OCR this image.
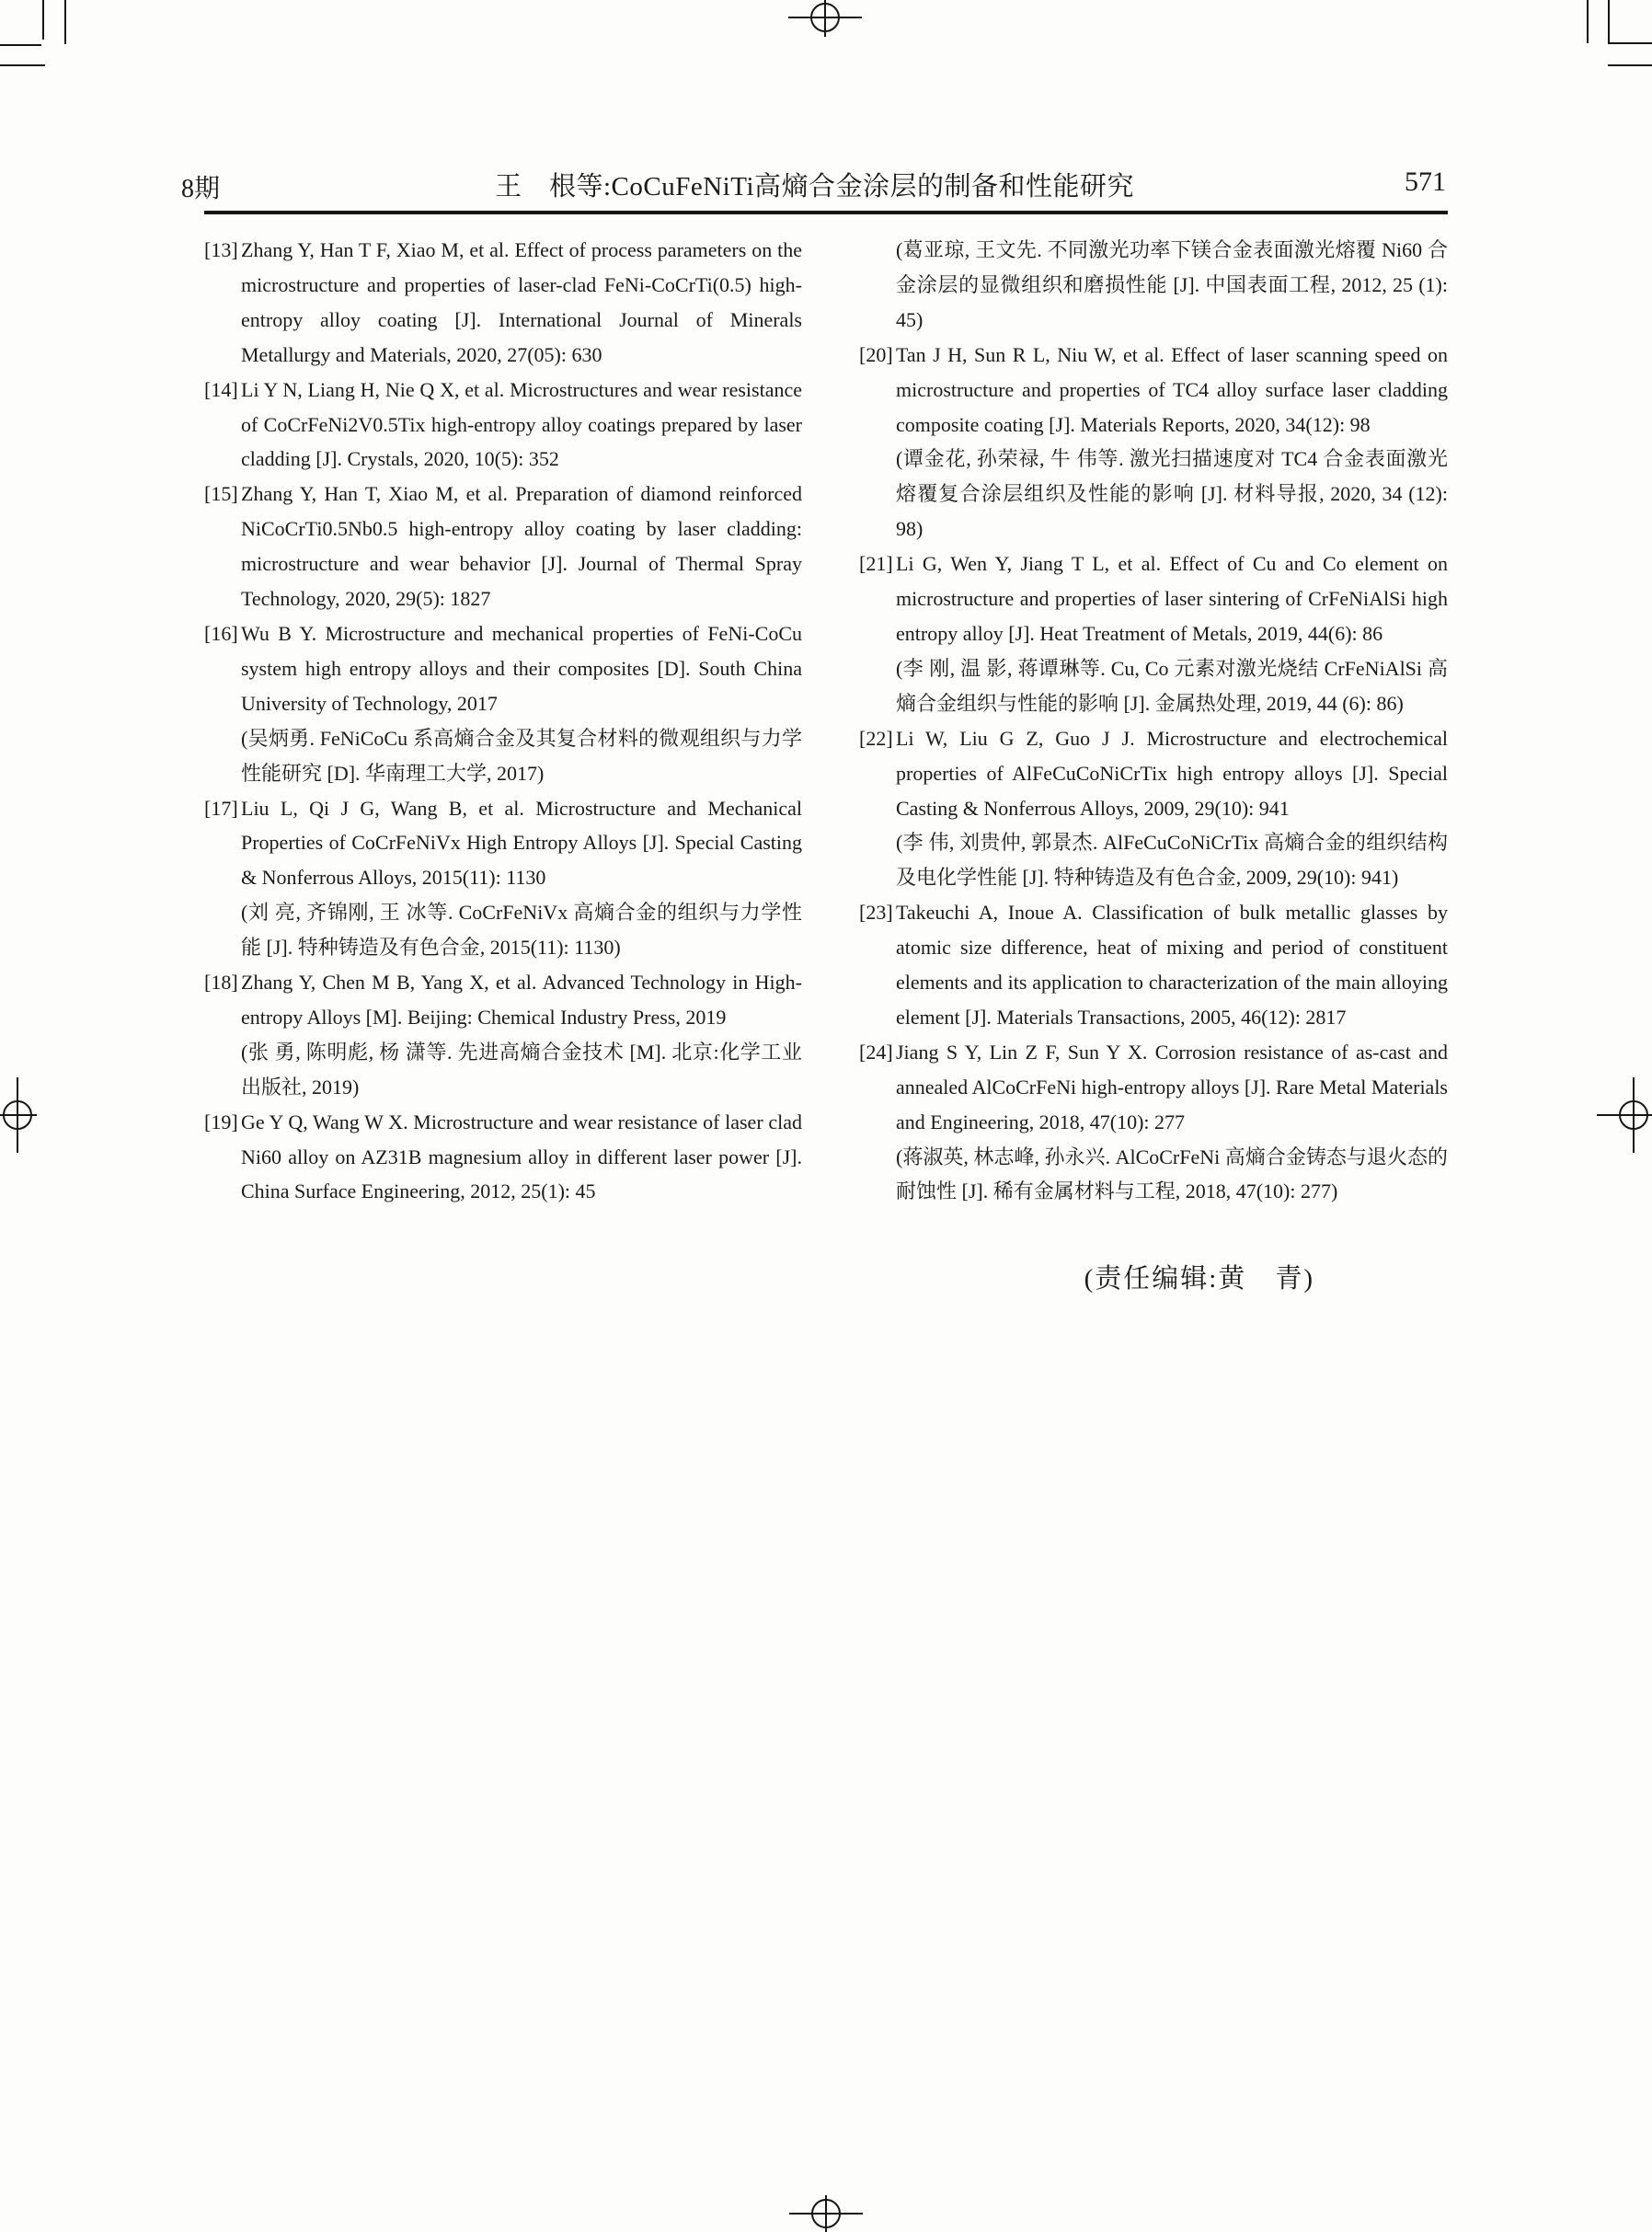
8期	王　根等:CoCuFeNiTi高熵合金涂层的制备和性能研究	571
[13] Zhang Y, Han T F, Xiao M, et al. Effect of process parameters on the microstructure and properties of laser-clad FeNi-CoCrTi(0.5) high-entropy alloy coating [J]. International Journal of Minerals Metallurgy and Materials, 2020, 27(05): 630
[14] Li Y N, Liang H, Nie Q X, et al. Microstructures and wear resistance of CoCrFeNi2V0.5Tix high-entropy alloy coatings prepared by laser cladding [J]. Crystals, 2020, 10(5): 352
[15] Zhang Y, Han T, Xiao M, et al. Preparation of diamond reinforced NiCoCrTi0.5Nb0.5 high-entropy alloy coating by laser cladding: microstructure and wear behavior [J]. Journal of Thermal Spray Technology, 2020, 29(5): 1827
[16] Wu B Y. Microstructure and mechanical properties of FeNi-CoCu system high entropy alloys and their composites [D]. South China University of Technology, 2017
(吴炳勇. FeNiCoCu 系高熵合金及其复合材料的微观组织与力学性能研究 [D]. 华南理工大学, 2017)
[17] Liu L, Qi J G, Wang B, et al. Microstructure and Mechanical Properties of CoCrFeNiVx High Entropy Alloys [J]. Special Casting & Nonferrous Alloys, 2015(11): 1130
(刘 亮, 齐锦刚, 王 冰等. CoCrFeNiVx 高熵合金的组织与力学性能 [J]. 特种铸造及有色合金, 2015(11): 1130)
[18] Zhang Y, Chen M B, Yang X, et al. Advanced Technology in High-entropy Alloys [M]. Beijing: Chemical Industry Press, 2019
(张 勇, 陈明彪, 杨 潇等. 先进高熵合金技术 [M]. 北京:化学工业出版社, 2019)
[19] Ge Y Q, Wang W X. Microstructure and wear resistance of laser clad Ni60 alloy on AZ31B magnesium alloy in different laser power [J]. China Surface Engineering, 2012, 25(1): 45
(葛亚琼, 王文先. 不同激光功率下镁合金表面激光熔覆 Ni60 合金涂层的显微组织和磨损性能 [J]. 中国表面工程, 2012, 25 (1): 45)
[20] Tan J H, Sun R L, Niu W, et al. Effect of laser scanning speed on microstructure and properties of TC4 alloy surface laser cladding composite coating [J]. Materials Reports, 2020, 34(12): 98
(谭金花, 孙荣禄, 牛 伟等. 激光扫描速度对 TC4 合金表面激光熔覆复合涂层组织及性能的影响 [J]. 材料导报, 2020, 34 (12): 98)
[21] Li G, Wen Y, Jiang T L, et al. Effect of Cu and Co element on microstructure and properties of laser sintering of CrFeNiAlSi high entropy alloy [J]. Heat Treatment of Metals, 2019, 44(6): 86
(李 刚, 温 影, 蒋谭琳等. Cu, Co 元素对激光烧结 CrFeNiAlSi 高熵合金组织与性能的影响 [J]. 金属热处理, 2019, 44 (6): 86)
[22] Li W, Liu G Z, Guo J J. Microstructure and electrochemical properties of AlFeCuCoNiCrTix high entropy alloys [J]. Special Casting & Nonferrous Alloys, 2009, 29(10): 941
(李 伟, 刘贵仲, 郭景杰. AlFeCuCoNiCrTix 高熵合金的组织结构及电化学性能 [J]. 特种铸造及有色合金, 2009, 29(10): 941)
[23] Takeuchi A, Inoue A. Classification of bulk metallic glasses by atomic size difference, heat of mixing and period of constituent elements and its application to characterization of the main alloying element [J]. Materials Transactions, 2005, 46(12): 2817
[24] Jiang S Y, Lin Z F, Sun Y X. Corrosion resistance of as-cast and annealed AlCoCrFeNi high-entropy alloys [J]. Rare Metal Materials and Engineering, 2018, 47(10): 277
(蒋淑英, 林志峰, 孙永兴. AlCoCrFeNi 高熵合金铸态与退火态的耐蚀性 [J]. 稀有金属材料与工程, 2018, 47(10): 277)
(责任编辑:黄　青)
